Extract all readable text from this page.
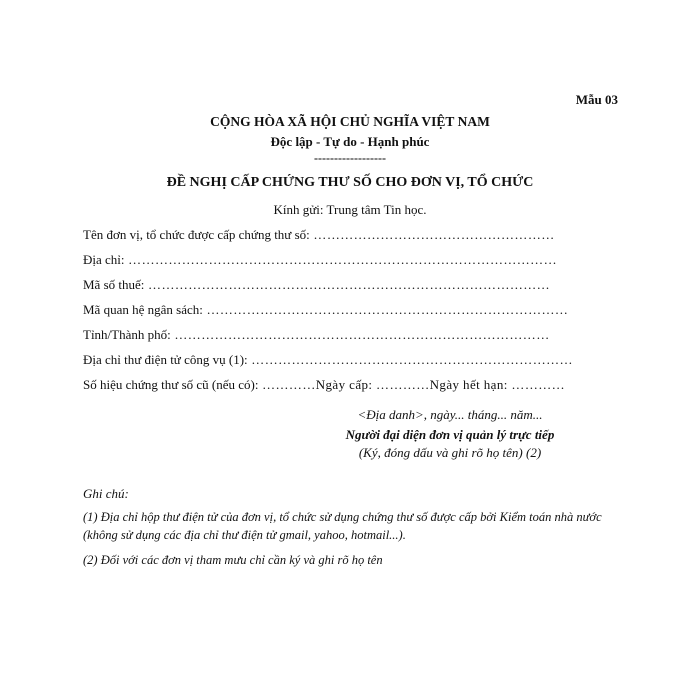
Mẫu 03
CỘNG HÒA XÃ HỘI CHỦ NGHĨA VIỆT NAM
Độc lập - Tự do - Hạnh phúc
------------------
ĐỀ NGHỊ CẤP CHỨNG THƯ SỐ CHO ĐƠN VỊ, TỔ CHỨC
Kính gửi: Trung tâm Tin học.
Tên đơn vị, tổ chức được cấp chứng thư số: ………………………………………………
Địa chỉ: ……………………………………………………………………………………
Mã số thuế: ………………………………………………………………………………
Mã quan hệ ngân sách: ………………………………………………………………………
Tỉnh/Thành phố: …………………………………………………………………………
Địa chỉ thư điện tử công vụ (1): ………………………………………………………………
Số hiệu chứng thư số cũ (nếu có): …………Ngày cấp: …………Ngày hết hạn: …………
<Địa danh>, ngày... tháng... năm...
Người đại diện đơn vị quản lý trực tiếp
(Ký, đóng dấu và ghi rõ họ tên) (2)
Ghi chú:
(1) Địa chỉ hộp thư điện tử của đơn vị, tổ chức sử dụng chứng thư số được cấp bởi Kiểm toán nhà nước (không sử dụng các địa chỉ thư điện tử gmail, yahoo, hotmail...).
(2) Đối với các đơn vị tham mưu chỉ cần ký và ghi rõ họ tên
